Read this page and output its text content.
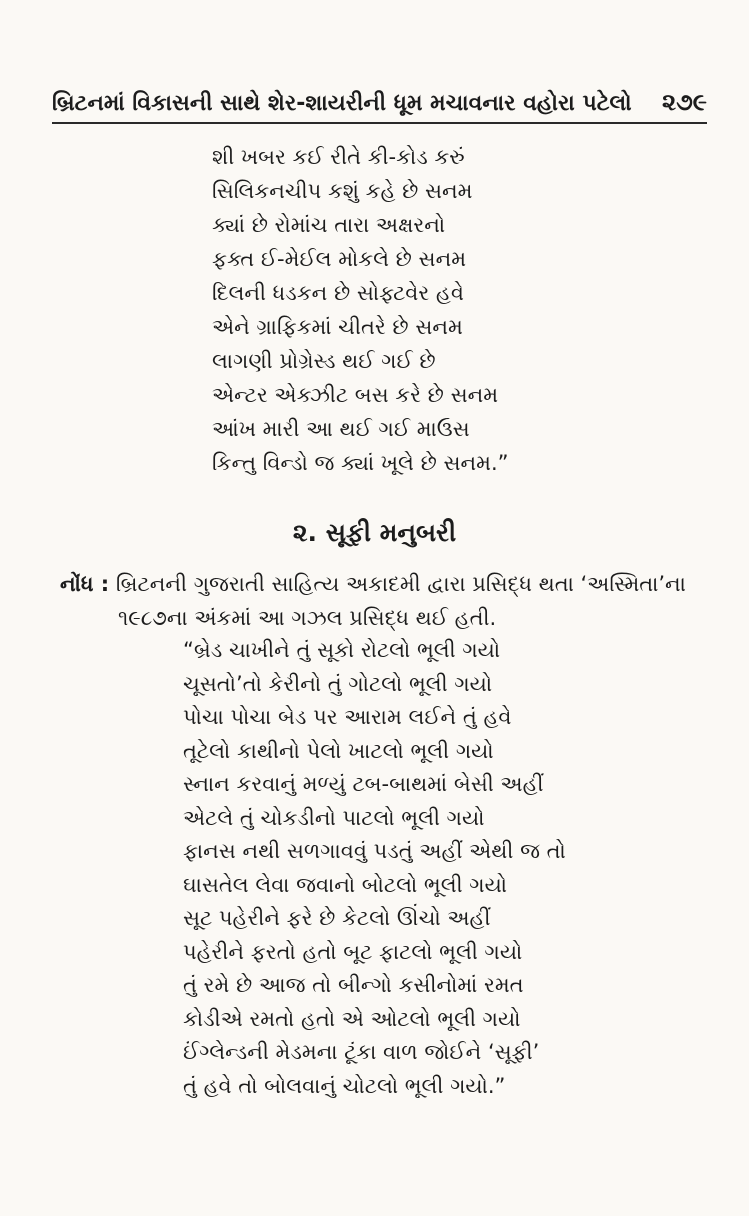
બ્રિટનમાં વિકાસની સાથે શેર-શાયરીની ધૂમ મચાવનાર વહોરા પટેલો ૨૭૯
શી ખબર કઈ રીતે કી-કોડ કરું
સિલિકનચીપ કશું કહે છે સનમ
ક્યાં છે રોમાંચ તારા અક્ષરનો
ફક્ત ઈ-મેઈલ મોકલે છે સનમ
દિલની ધડકન છે સોફ્ટવેર હવે
એને ગ્રાફિકમાં ચીતરે છે સનમ
લાગણી પ્રોગ્રેસ્ડ થઈ ગઈ છે
એન્ટર એક્ઝીટ બસ કરે છે સનમ
આંખ મારી આ થઈ ગઈ માઉસ
કિન્તુ વિન્ડો જ ક્યાં ખૂલે છે સનમ.”
૨. સૂફી મનુબરી
નોંધ : બ્રિટનની ગુજરાતી સાહિત્ય અકાદમી દ્વારા પ્રસિદ્ધ થતા ‘અસ્મિતા’ના
૧૯૮૭ના અંકમાં આ ગઝલ પ્રસિદ્ધ થઈ હતી.
“બ્રેડ ચાખીને તું સૂકો રોટલો ભૂલી ગયો
ચૂસતો’તો કેરીનો તું ગોટલો ભૂલી ગયો
પોચા પોચા બેડ પર આરામ લઈને તું હવે
તૂટેલો કાથીનો પેલો ખાટલો ભૂલી ગયો
સ્નાન કરવાનું મળ્યું ટબ-બાથમાં બેસી અહીં
એટલે તું ચોકડીનો પાટલો ભૂલી ગયો
ફાનસ નથી સળગાવવું પડતું અહીં એથી જ તો
ઘાસતેલ લેવા જવાનો બોટલો ભૂલી ગયો
સૂટ પહેરીને ફરે છે કેટલો ઊંચો અહીં
પહેરીને ફરતો હતો બૂટ ફાટલો ભૂલી ગયો
તું રમે છે આજ તો બીન્ગો કસીનોમાં રમત
કોડીએ રમતો હતો એ ઓટલો ભૂલી ગયો
ઈંગ્લેન્ડની મેડમના ટૂંકા વાળ જોઈને ‘સૂફી’
તું હવે તો બોલવાનું ચોટલો ભૂલી ગયો.”
